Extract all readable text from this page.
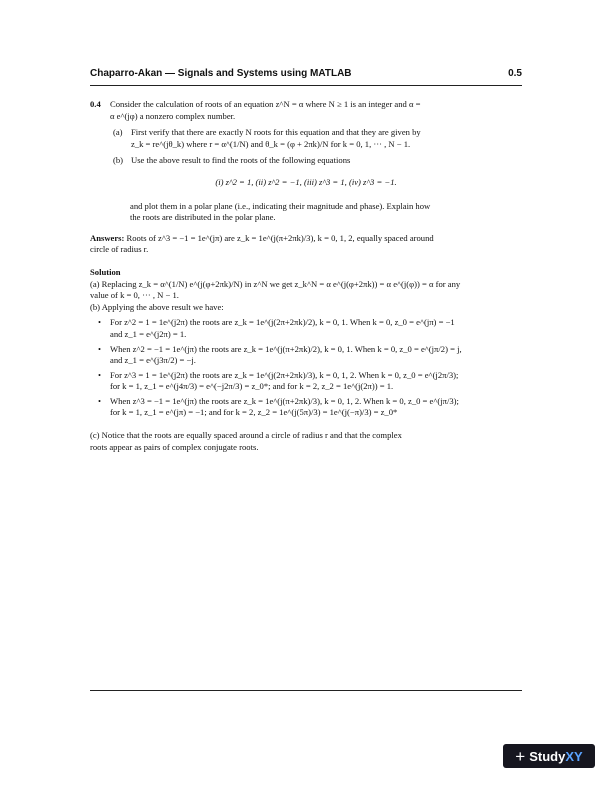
Chaparro-Akan — Signals and Systems using MATLAB	0.5
0.4	Consider the calculation of roots of an equation z^N = α where N ≥ 1 is an integer and α =
α e^(jφ) a nonzero complex number.
(a) First verify that there are exactly N roots for this equation and that they are given by
z_k = re^(jθ_k) where r = α^(1/N) and θ_k = (φ + 2πk)/N for k = 0, 1, ··· , N − 1.
(b) Use the above result to find the roots of the following equations
(i) z^2 = 1, (ii) z^2 = −1, (iii) z^3 = 1, (iv) z^3 = −1.
and plot them in a polar plane (i.e., indicating their magnitude and phase). Explain how
the roots are distributed in the polar plane.
Answers: Roots of z^3 = −1 = 1e^(jπ) are z_k = 1e^(j(π+2πk)/3), k = 0, 1, 2, equally spaced around
circle of radius r.
Solution
(a) Replacing z_k = α^(1/N) e^(j(φ+2πk)/N) in z^N we get z_k^N = α e^(j(φ+2πk)) = α e^(j(φ)) = α for any
value of k = 0, ··· , N − 1.
(b) Applying the above result we have:
• For z^2 = 1 = 1e^(j2π) the roots are z_k = 1e^(j(2π+2πk)/2), k = 0, 1. When k = 0, z_0 = e^(jπ) = −1
and z_1 = e^(j2π) = 1.
• When z^2 = −1 = 1e^(jπ) the roots are z_k = 1e^(j(π+2πk)/2), k = 0, 1. When k = 0, z_0 = e^(jπ/2) = j,
and z_1 = e^(j3π/2) = −j.
• For z^3 = 1 = 1e^(j2π) the roots are z_k = 1e^(j(2π+2πk)/3), k = 0, 1, 2. When k = 0, z_0 = e^(j2π/3);
for k = 1, z_1 = e^(j4π/3) = e^(−j2π/3) = z_0*; and for k = 2, z_2 = 1e^(j(2π)) = 1.
• When z^3 = −1 = 1e^(jπ) the roots are z_k = 1e^(j(π+2πk)/3), k = 0, 1, 2. When k = 0, z_0 = e^(jπ/3);
for k = 1, z_1 = e^(jπ) = −1; and for k = 2, z_2 = 1e^(j(5π)/3) = 1e^(j(−π)/3) = z_0*
(c) Notice that the roots are equally spaced around a circle of radius r and that the complex
roots appear as pairs of complex conjugate roots.
+ Study XY
